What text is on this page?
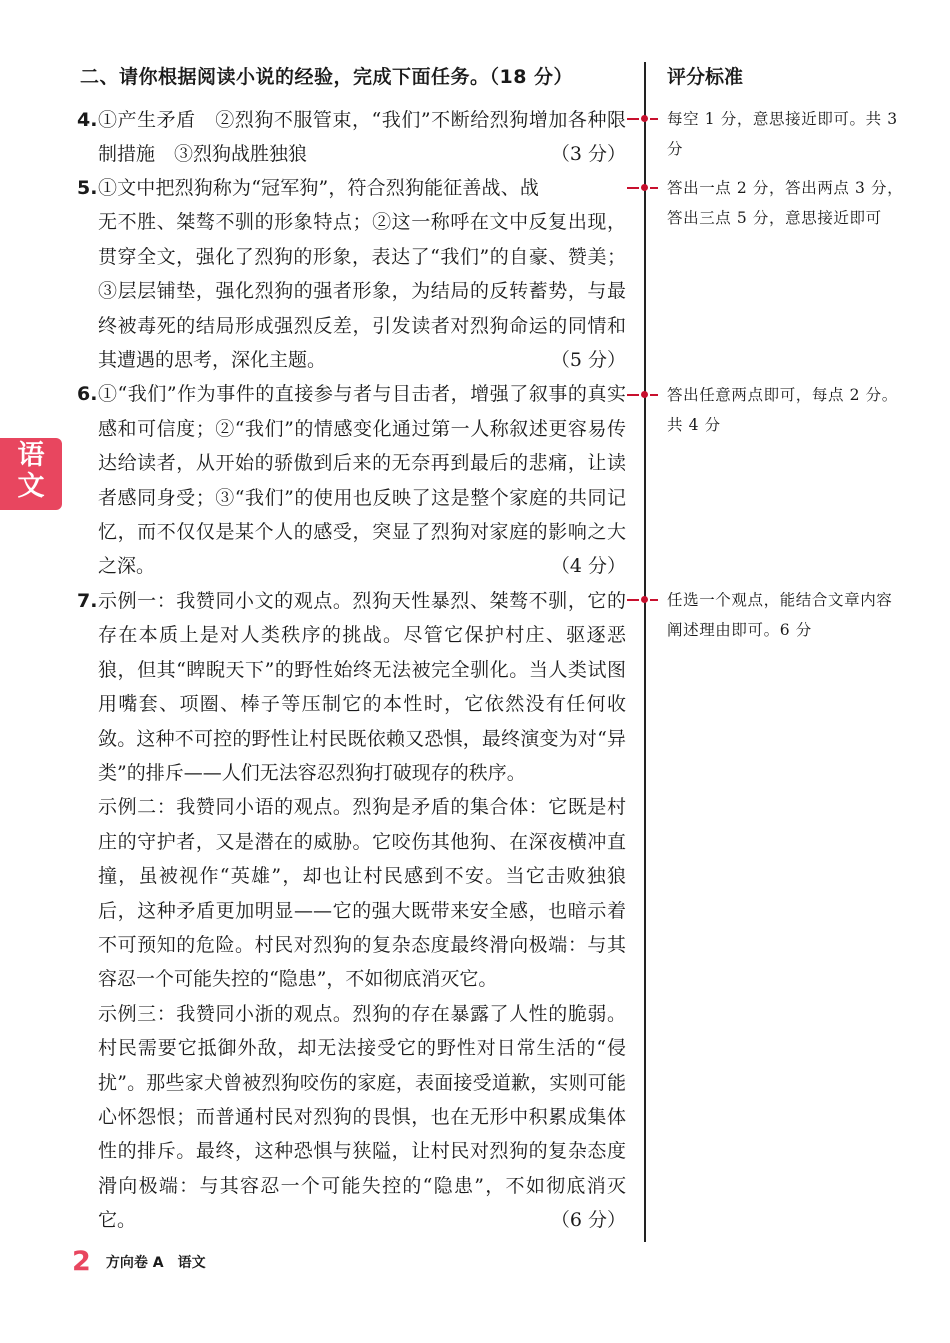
二、请你根据阅读小说的经验，完成下面任务。（18 分）	评分标准
语文
4. ①产生矛盾　②烈狗不服管束，“我们”不断给烈狗增加各种限制措施　③烈狗战胜独狼	（3 分）
5. ①文中把烈狗称为“冠军狗”，符合烈狗能征善战、战无不胜、桀骜不驯的形象特点；②这一称呼在文中反复出现，贯穿全文，强化了烈狗的形象，表达了“我们”的自豪、赞美；③层层铺垫，强化烈狗的强者形象，为结局的反转蓄势，与最终被毒死的结局形成强烈反差，引发读者对烈狗命运的同情和其遭遇的思考，深化主题。	（5 分）
6. ①“我们”作为事件的直接参与者与目击者，增强了叙事的真实感和可信度；②“我们”的情感变化通过第一人称叙述更容易传达给读者，从开始的骄傲到后来的无奈再到最后的悲痛，让读者感同身受；③“我们”的使用也反映了这是整个家庭的共同记忆，而不仅仅是某个人的感受，突显了烈狗对家庭的影响之大之深。	（4 分）
7. 示例一：我赞同小文的观点。烈狗天性暴烈、桀骜不驯，它的存在本质上是对人类秩序的挑战。尽管它保护村庄、驱逐恶狼，但其“睥睨天下”的野性始终无法被完全驯化。当人类试图用嘴套、项圈、棒子等压制它的本性时，它依然没有任何收敛。这种不可控的野性让村民既依赖又恐惧，最终演变为对“异类”的排斥——人们无法容忍烈狗打破现存的秩序。
示例二：我赞同小语的观点。烈狗是矛盾的集合体：它既是村庄的守护者，又是潜在的威胁。它咬伤其他狗、在深夜横冲直撞，虽被视作“英雄”，却也让村民感到不安。当它击败独狼后，这种矛盾更加明显——它的强大既带来安全感，也暗示着不可预知的危险。村民对烈狗的复杂态度最终滑向极端：与其容忍一个可能失控的“隐患”，不如彻底消灭它。
示例三：我赞同小浙的观点。烈狗的存在暴露了人性的脆弱。村民需要它抵御外敌，却无法接受它的野性对日常生活的“侵扰”。那些家犬曾被烈狗咬伤的家庭，表面接受道歉，实则可能心怀怨恨；而普通村民对烈狗的畏惧，也在无形中积累成集体性的排斥。最终，这种恐惧与狭隘，让村民对烈狗的复杂态度滑向极端：与其容忍一个可能失控的“隐患”，不如彻底消灭它。	（6 分）
每空 1 分，意思接近即可。共 3 分
答出一点 2 分，答出两点 3 分，答出三点 5 分，意思接近即可
答出任意两点即可，每点 2 分。共 4 分
任选一个观点，能结合文章内容阐述理由即可。6 分
2 方向卷 A　语文
